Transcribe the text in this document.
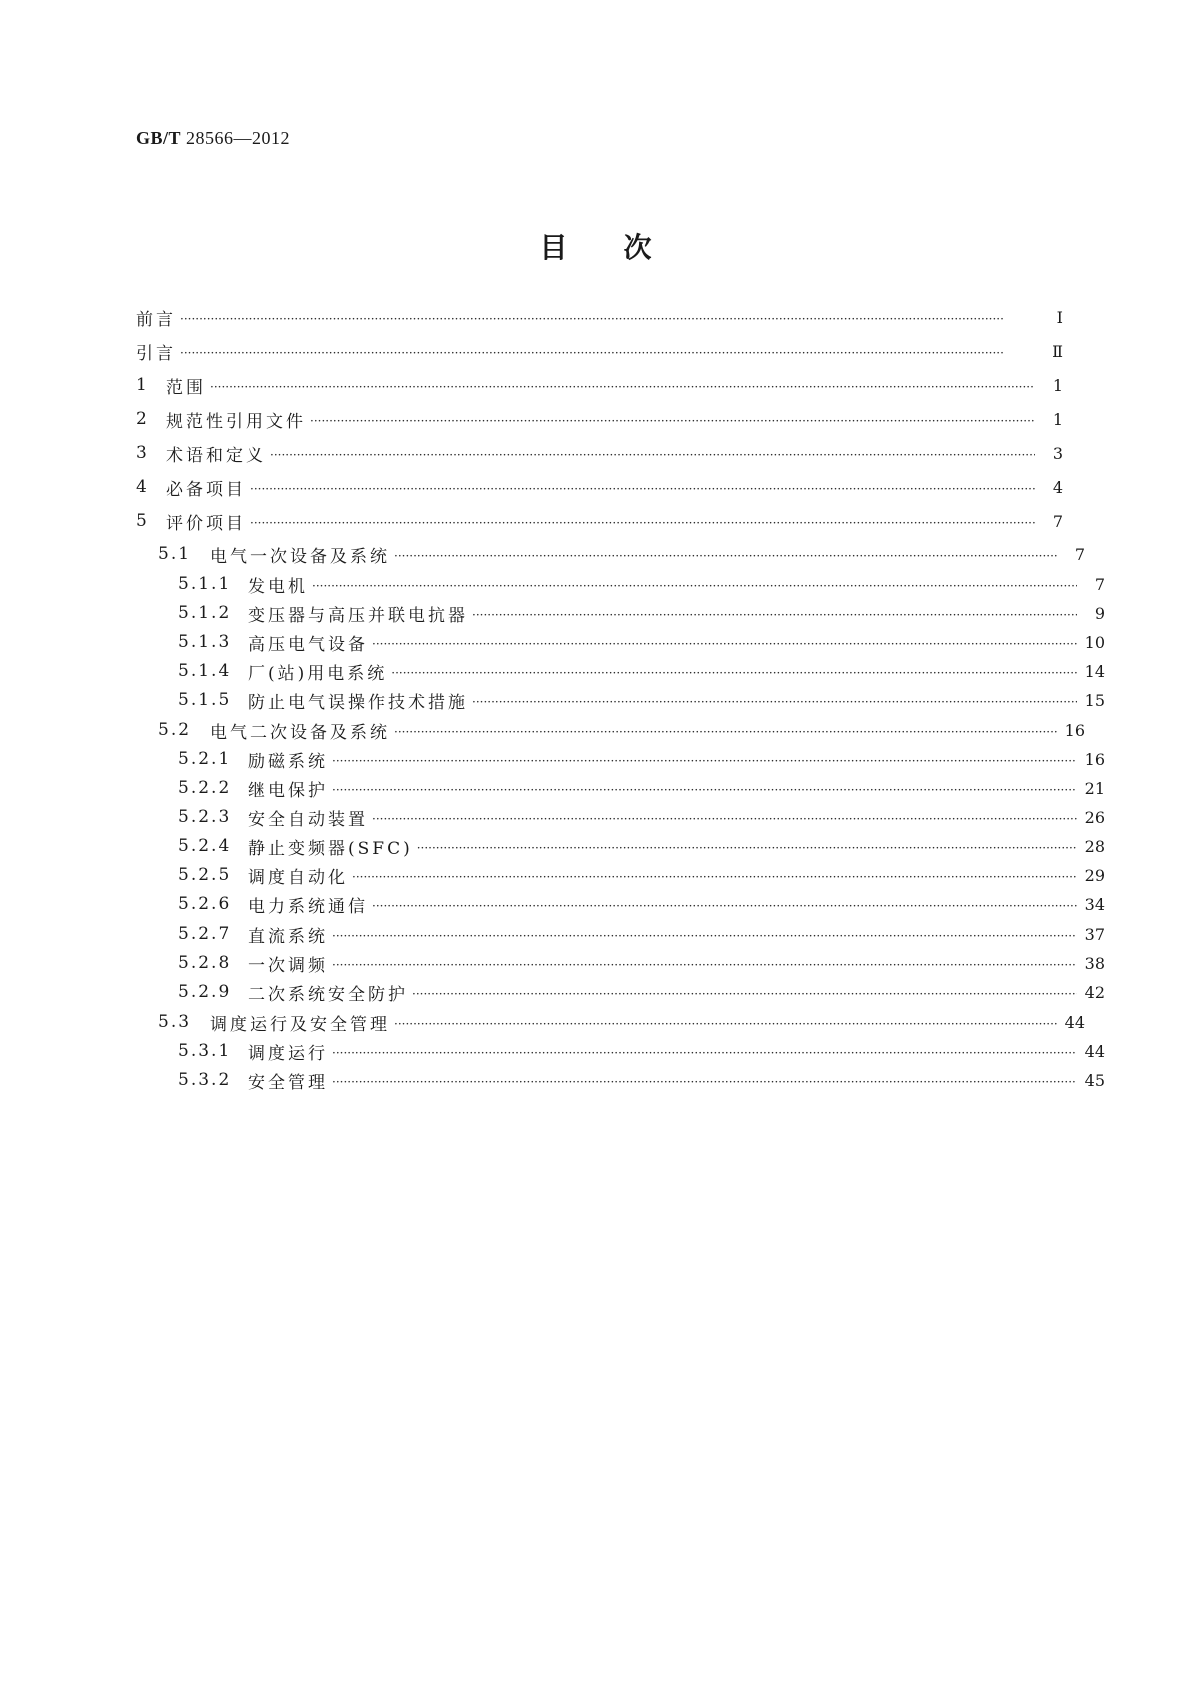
GB/T 28566—2012
目次
前言 ·····	Ⅰ
引言 ·····	Ⅱ
1	范围 ·····	1
2	规范性引用文件 ·····	1
3	术语和定义 ·····	3
4	必备项目 ·····	4
5	评价项目 ·····	7
5.1	电气一次设备及系统 ·····	7
5.1.1 发电机 ·····	7
5.1.2 变压器与高压并联电抗器 ·····	9
5.1.3 高压电气设备 ·····	10
5.1.4 厂(站)用电系统 ·····	14
5.1.5 防止电气误操作技术措施 ·····	15
5.2	电气二次设备及系统 ·····	16
5.2.1 励磁系统 ·····	16
5.2.2 继电保护 ·····	21
5.2.3 安全自动装置 ·····	26
5.2.4 静止变频器(SFC) ·····	28
5.2.5 调度自动化 ·····	29
5.2.6 电力系统通信 ·····	34
5.2.7 直流系统 ·····	37
5.2.8 一次调频 ·····	38
5.2.9 二次系统安全防护 ·····	42
5.3	调度运行及安全管理 ·····	44
5.3.1 调度运行 ·····	44
5.3.2 安全管理 ·····	45
